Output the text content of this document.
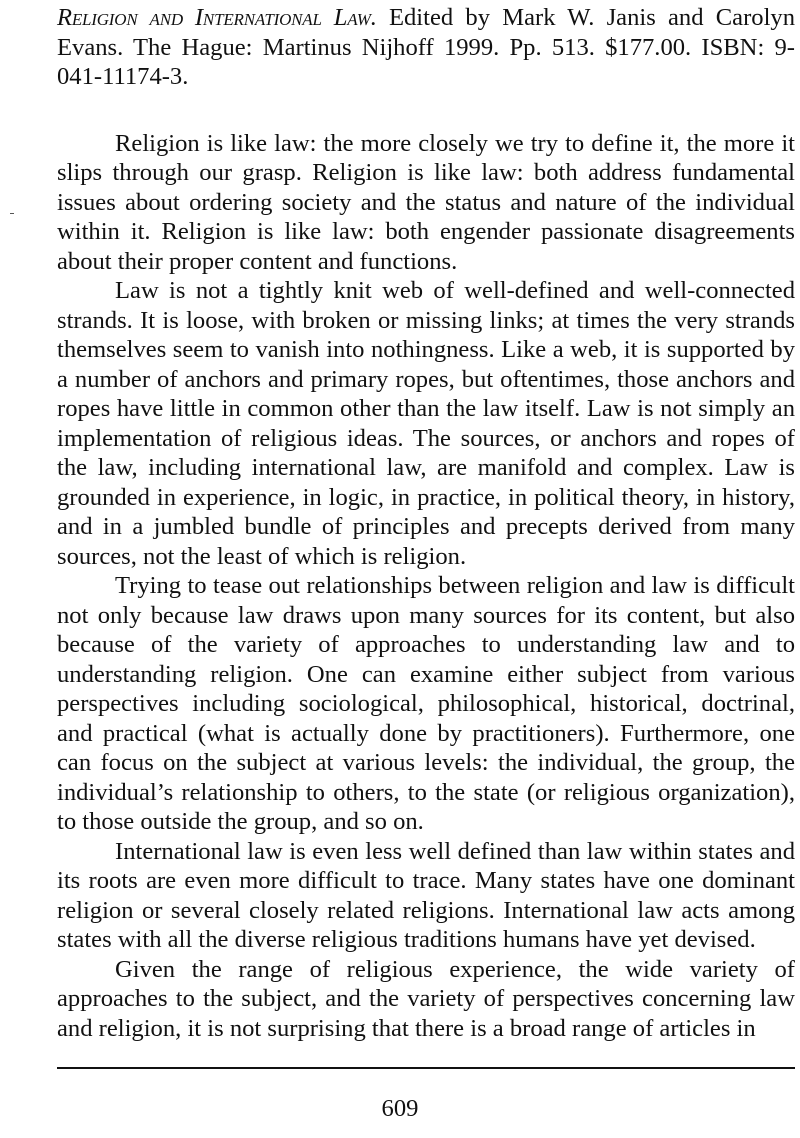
Religion and International Law. Edited by Mark W. Janis and Carolyn Evans. The Hague: Martinus Nijhoff 1999. Pp. 513. $177.00. ISBN: 9-041-11174-3.

Religion is like law: the more closely we try to define it, the more it slips through our grasp. Religion is like law: both address fundamental issues about ordering society and the status and nature of the individual within it. Religion is like law: both engender passionate disagreements about their proper content and functions.

Law is not a tightly knit web of well-defined and well-connected strands. It is loose, with broken or missing links; at times the very strands themselves seem to vanish into nothingness. Like a web, it is supported by a number of anchors and primary ropes, but oftentimes, those anchors and ropes have little in common other than the law itself. Law is not simply an implementation of religious ideas. The sources, or anchors and ropes of the law, including international law, are manifold and complex. Law is grounded in experience, in logic, in practice, in political theory, in history, and in a jumbled bundle of principles and precepts derived from many sources, not the least of which is religion.

Trying to tease out relationships between religion and law is difficult not only because law draws upon many sources for its content, but also because of the variety of approaches to understanding law and to understanding religion. One can examine either subject from various perspectives including sociological, philosophical, historical, doctrinal, and practical (what is actually done by practitioners). Furthermore, one can focus on the subject at various levels: the individual, the group, the individual’s relationship to others, to the state (or religious organization), to those outside the group, and so on.

International law is even less well defined than law within states and its roots are even more difficult to trace. Many states have one dominant religion or several closely related religions. International law acts among states with all the diverse religious traditions humans have yet devised.

Given the range of religious experience, the wide variety of approaches to the subject, and the variety of perspectives concerning law and religion, it is not surprising that there is a broad range of articles in

609
